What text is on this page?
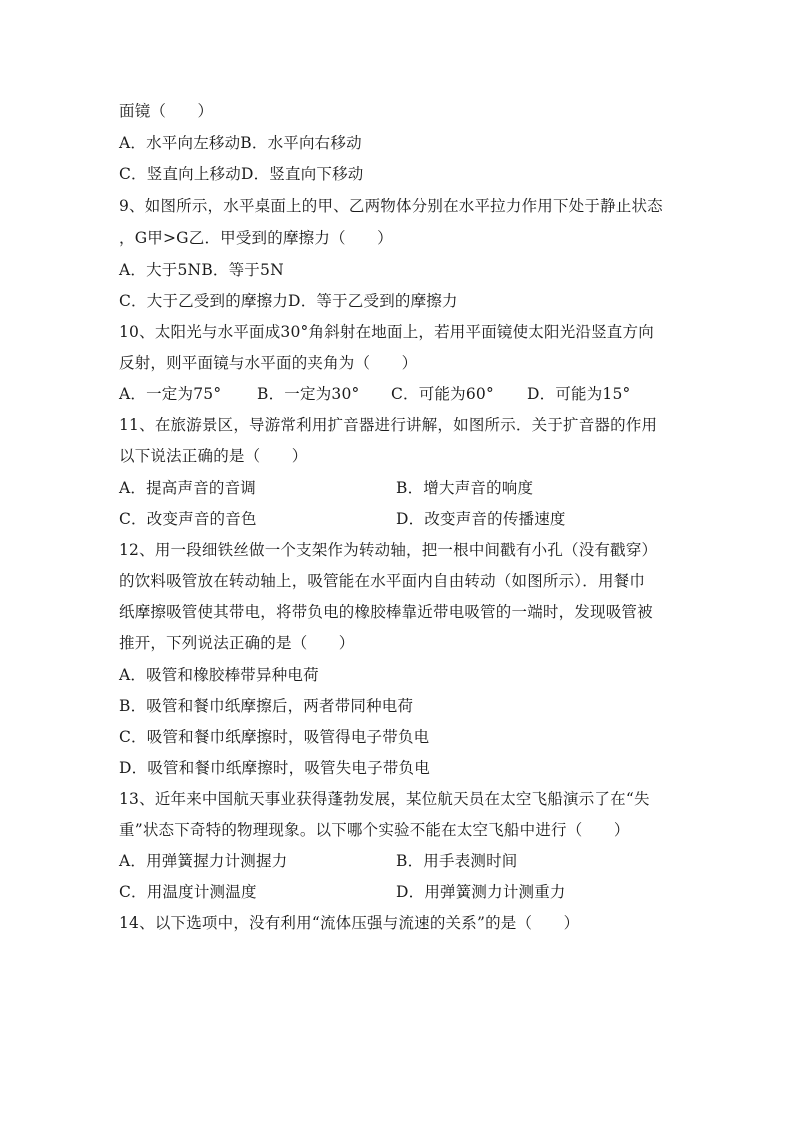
面镜（　　）
A．水平向左移动B．水平向右移动
C．竖直向上移动D．竖直向下移动
9、如图所示，水平桌面上的甲、乙两物体分别在水平拉力作用下处于静止状态
，G甲>G乙．甲受到的摩擦力（　　）
A．大于5NB．等于5N
C．大于乙受到的摩擦力D．等于乙受到的摩擦力
10、太阳光与水平面成30°角斜射在地面上，若用平面镜使太阳光沿竖直方向
反射，则平面镜与水平面的夹角为（　　）
A．一定为75° B．一定为30° C．可能为60° D．可能为15°
11、在旅游景区，导游常利用扩音器进行讲解，如图所示．关于扩音器的作用
以下说法正确的是（　　）
A．提高声音的音调	B．增大声音的响度
C．改变声音的音色	D．改变声音的传播速度
12、用一段细铁丝做一个支架作为转动轴，把一根中间戳有小孔（没有戳穿）
的饮料吸管放在转动轴上，吸管能在水平面内自由转动（如图所示）．用餐巾
纸摩擦吸管使其带电，将带负电的橡胶棒靠近带电吸管的一端时，发现吸管被
推开，下列说法正确的是（　　）
A．吸管和橡胶棒带异种电荷
B．吸管和餐巾纸摩擦后，两者带同种电荷
C．吸管和餐巾纸摩擦时，吸管得电子带负电
D．吸管和餐巾纸摩擦时，吸管失电子带负电
13、近年来中国航天事业获得蓬勃发展，某位航天员在太空飞船演示了在“失
重”状态下奇特的物理现象。以下哪个实验不能在太空飞船中进行（　　）
A．用弹簧握力计测握力	B．用手表测时间
C．用温度计测温度	D．用弹簧测力计测重力
14、以下选项中，没有利用“流体压强与流速的关系”的是（　　）
